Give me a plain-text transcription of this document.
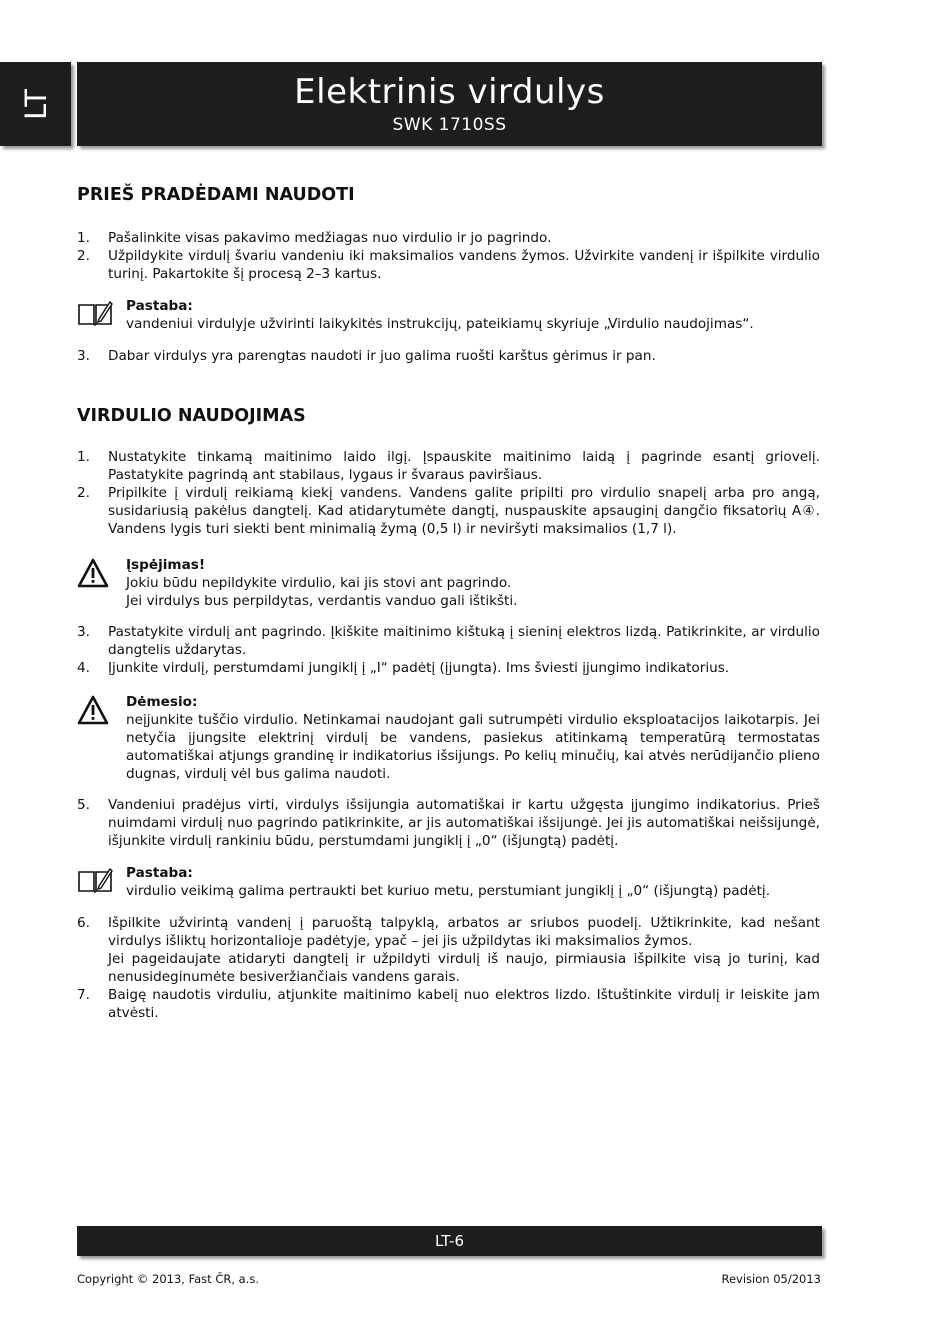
LT	Elektrinis virdulys
SWK 1710SS
PRIEŠ PRADĖDAMI NAUDOTI
1. Pašalinkite visas pakavimo medžiagas nuo virdulio ir jo pagrindo.
2. Užpildykite virdulį švariu vandeniu iki maksimalios vandens žymos. Užvirkite vandenį ir išpilkite virdulio turinį. Pakartokite šį procesą 2–3 kartus.
Pastaba:
vandeniui virdulyje užvirinti laikykitės instrukcijų, pateikiamų skyriuje „Virdulio naudojimas“.
3. Dabar virdulys yra parengtas naudoti ir juo galima ruošti karštus gėrimus ir pan.
VIRDULIO NAUDOJIMAS
1. Nustatykite tinkamą maitinimo laido ilgį. Įspauskite maitinimo laidą į pagrinde esantį griovelį. Pastatykite pagrindą ant stabilaus, lygaus ir švaraus paviršiaus.
2. Pripilkite į virdulį reikiamą kiekį vandens. Vandens galite pripilti pro virdulio snapelį arba pro angą, susidariusią pakėlus dangtelį. Kad atidarytumėte dangtį, nuspauskite apsauginį dangčio fiksatorių A④. Vandens lygis turi siekti bent minimalią žymą (0,5 l) ir neviršyti maksimalios (1,7 l).
Įspėjimas!
Jokiu būdu nepildykite virdulio, kai jis stovi ant pagrindo.
Jei virdulys bus perpildytas, verdantis vanduo gali ištikšti.
3. Pastatykite virdulį ant pagrindo. Įkiškite maitinimo kištuką į sieninį elektros lizdą. Patikrinkite, ar virdulio dangtelis uždarytas.
4. Įjunkite virdulį, perstumdami jungiklį į „I“ padėtį (įjungta). Ims šviesti įjungimo indikatorius.
Dėmesio:
neįjunkite tuščio virdulio. Netinkamai naudojant gali sutrumpėti virdulio eksploatacijos laikotarpis. Jei netyčia įjungsite elektrinį virdulį be vandens, pasiekus atitinkamą temperatūrą termostatas automatiškai atjungs grandinę ir indikatorius išsijungs. Po kelių minučių, kai atvės nerūdijančio plieno dugnas, virdulį vėl bus galima naudoti.
5. Vandeniui pradėjus virti, virdulys išsijungia automatiškai ir kartu užgęsta įjungimo indikatorius. Prieš nuimdami virdulį nuo pagrindo patikrinkite, ar jis automatiškai išsijungė. Jei jis automatiškai neišsijungė, išjunkite virdulį rankiniu būdu, perstumdami jungiklį į „0“ (išjungtą) padėtį.
Pastaba:
virdulio veikimą galima pertraukti bet kuriuo metu, perstumiant jungiklį į „0“ (išjungtą) padėtį.
6. Išpilkite užvirintą vandenį į paruoštą talpyklą, arbatos ar sriubos puodelį. Užtikrinkite, kad nešant virdulys išliktų horizontalioje padėtyje, ypač – jei jis užpildytas iki maksimalios žymos.
Jei pageidaujate atidaryti dangtelį ir užpildyti virdulį iš naujo, pirmiausia išpilkite visą jo turinį, kad nenusideginumėte besiveržiančiais vandens garais.
7. Baigę naudotis virduliu, atjunkite maitinimo kabelį nuo elektros lizdo. Ištuštinkite virdulį ir leiskite jam atvėsti.
LT-6
Copyright © 2013, Fast ČR, a.s.	Revision 05/2013
